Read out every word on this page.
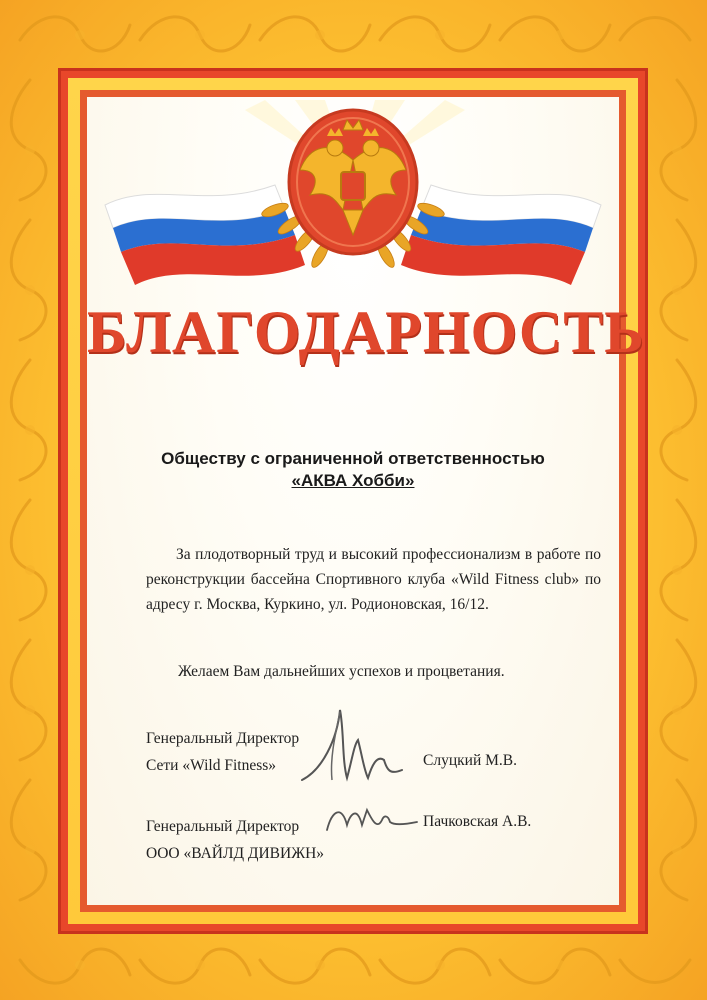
БЛАГОДАРНОСТЬ
Обществу с ограниченной ответственностью
«АКВА Хобби»
За плодотворный труд и высокий профессионализм в работе по реконструкции бассейна Спортивного клуба «Wild Fitness club» по адресу г. Москва, Куркино, ул. Родионовская, 16/12.
Желаем Вам дальнейших успехов и процветания.
Генеральный Директор
Сети «Wild Fitness»	Слуцкий М.В.
Генеральный Директор
ООО «ВАЙЛД ДИВИЖН»
Пачковская А.В.
